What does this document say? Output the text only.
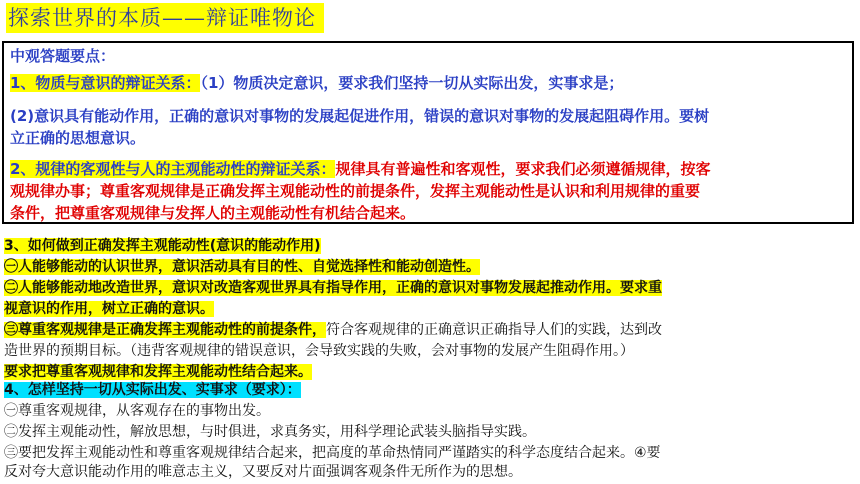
探索世界的本质——辩证唯物论
中观答题要点：
1、物质与意识的辩证关系：（1）物质决定意识，要求我们坚持一切从实际出发，实事求是；
(2)意识具有能动作用，正确的意识对事物的发展起促进作用，错误的意识对事物的发展起阻碍作用。要树
立正确的思想意识。
2、规律的客观性与人的主观能动性的辩证关系：规律具有普遍性和客观性，要求我们必须遵循规律，按客
观规律办事；尊重客观规律是正确发挥主观能动性的前提条件，发挥主观能动性是认识和利用规律的重要
条件，把尊重客观规律与发挥人的主观能动性有机结合起来。
3、如何做到正确发挥主观能动性(意识的能动作用)
㊀人能够能动的认识世界，意识活动具有目的性、自觉选择性和能动创造性。
㊁人能够能动地改造世界，意识对改造客观世界具有指导作用，正确的意识对事物发展起推动作用。要求重
视意识的作用，树立正确的意识。
㊂尊重客观规律是正确发挥主观能动性的前提条件，符合客观规律的正确意识正确指导人们的实践，达到改
造世界的预期目标。（违背客观规律的错误意识，会导致实践的失败，会对事物的发展产生阻碍作用。）
要求把尊重客观规律和发挥主观能动性结合起来。
4、怎样坚持一切从实际出发、实事求（要求）：
㊀尊重客观规律，从客观存在的事物出发。
㊁发挥主观能动性，解放思想，与时俱进，求真务实，用科学理论武装头脑指导实践。
㊂要把发挥主观能动性和尊重客观规律结合起来，把高度的革命热情同严谨踏实的科学态度结合起来。④要
反对夸大意识能动作用的唯意志主义，又要反对片面强调客观条件无所作为的思想。
